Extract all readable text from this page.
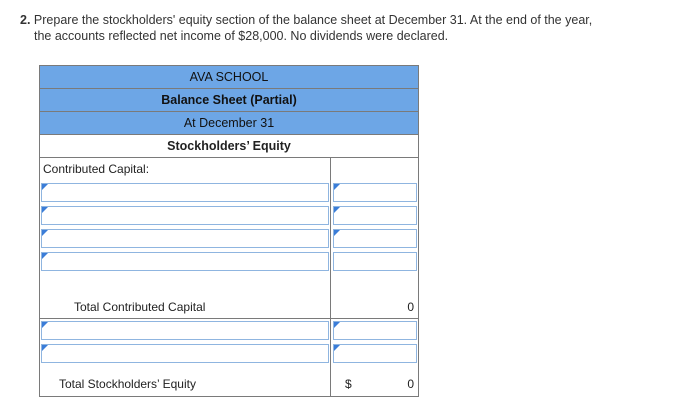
2. Prepare the stockholders' equity section of the balance sheet at December 31. At the end of the year,
the accounts reflected net income of $28,000. No dividends were declared.
AVA SCHOOL
Balance Sheet (Partial)
At December 31
Stockholders’ Equity
Contributed Capital:
Total Contributed Capital	0
Total Stockholders’ Equity	$	0
